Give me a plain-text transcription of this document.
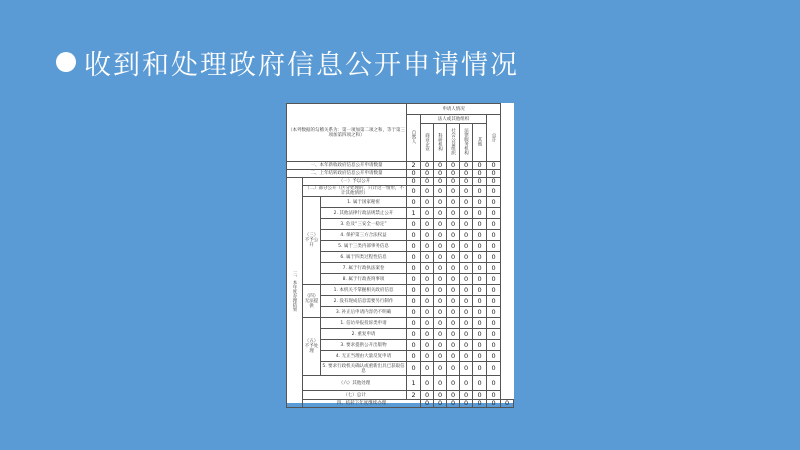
收到和处理政府信息公开申请情况
（本列数据的勾稽关系为：第一项加第二项之和，等于第三项加第四项之和）			申请人情况							
			自然人	法人或其他组织					总计	
				商业企业	科研机构	社会公益组织	法律服务机构	其他		
一、本年新收政府信息公开申请数量			2	0	0	0	0	0	0	
二、上年结转政府信息公开申请数量			0	0	0	0	0	0	0	
三、本年度办理结果	（一）予以公开		0	0	0	0	0	0	0	
	（二）部分公开（区分处理的，只计这一情形，不计其他情形）		0	0	0	0	0	0	0	
	（三）不予公开	1. 属于国家秘密	0	0	0	0	0	0	0	
		2. 其他法律行政法规禁止公开	1	0	0	0	0	0	0	
		3. 危及“三安全一稳定”	0	0	0	0	0	0	0	
		4. 保护第三方合法权益	0	0	0	0	0	0	0	
		5. 属于三类内部事务信息	0	0	0	0	0	0	0	
		6. 属于四类过程性信息	0	0	0	0	0	0	0	
		7. 属于行政执法案卷	0	0	0	0	0	0	0	
		8. 属于行政查询事项	0	0	0	0	0	0	0	
	（四）无法提供	1. 本机关不掌握相关政府信息	0	0	0	0	0	0	0	
		2. 没有现成信息需要另行制作	0	0	0	0	0	0	0	
		3. 补正后申请内容仍不明确	0	0	0	0	0	0	0	
	（五）不予处理	1. 信访举报投诉类申请	0	0	0	0	0	0	0	
		2. 重复申请	0	0	0	0	0	0	0	
		3. 要求提供公开出版物	0	0	0	0	0	0	0	
		4. 无正当理由大量反复申请	0	0	0	0	0	0	0	
		5. 要求行政机关确认或重新出具已获取信息	0	0	0	0	0	0	0	
	（六）其他处理		1	0	0	0	0	0	0	
	（七）总计		2	0	0	0	0	0	0	
	四、结转下年度继续办理			0	0	0	0	0	0	0
